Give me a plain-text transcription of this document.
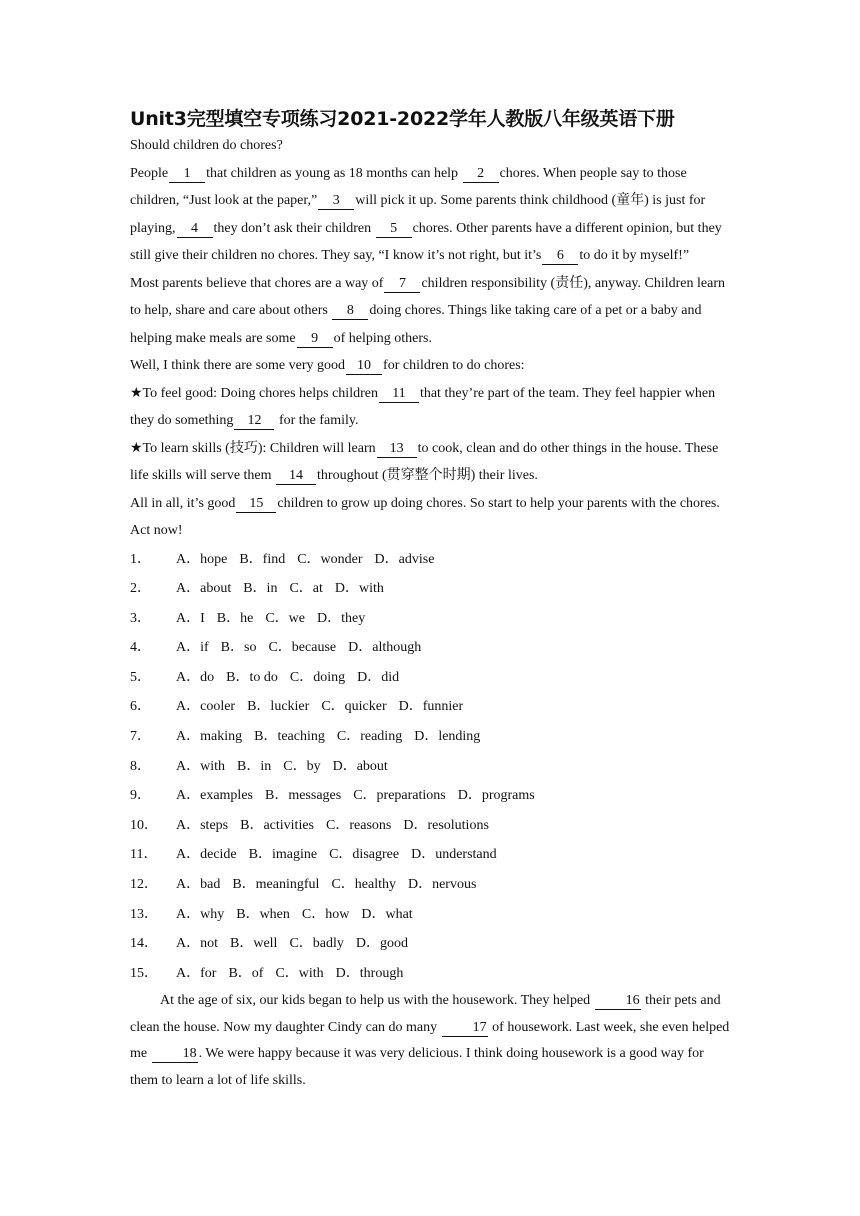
Unit3完型填空专项练习2021-2022学年人教版八年级英语下册

Should children do chores?

People 1 that children as young as 18 months can help 2 chores. When people say to those children, “Just look at the paper,” 3 will pick it up. Some parents think childhood (童年) is just for playing, 4 they don’t ask their children 5 chores. Other parents have a different opinion, but they still give their children no chores. They say, “I know it’s not right, but it’s 6 to do it by myself!”

Most parents believe that chores are a way of 7 children responsibility (责任), anyway. Children learn to help, share and care about others 8 doing chores. Things like taking care of a pet or a baby and helping make meals are some 9 of helping others.

Well, I think there are some very good 10 for children to do chores:

★To feel good: Doing chores helps children 11 that they’re part of the team. They feel happier when they do something 12 for the family.

★To learn skills (技巧): Children will learn 13 to cook, clean and do other things in the house. These life skills will serve them 14 throughout (贯穿整个时期) their lives.

All in all, it’s good 15 children to grow up doing chores. So start to help your parents with the chores. Act now!

1． A．hope B．find C．wonder D．advise
2． A．about B．in C．at D．with
3． A．I B．he C．we D．they
4． A．if B．so C．because D．although
5． A．do B．to do C．doing D．did
6． A．cooler B．luckier C．quicker D．funnier
7． A．making B．teaching C．reading D．lending
8． A．with B．in C．by D．about
9． A．examples B．messages C．preparations D．programs
10． A．steps B．activities C．reasons D．resolutions
11． A．decide B．imagine C．disagree D．understand
12． A．bad B．meaningful C．healthy D．nervous
13． A．why B．when C．how D．what
14． A．not B．well C．badly D．good
15． A．for B．of C．with D．through

At the age of six, our kids began to help us with the housework. They helped 16 their pets and clean the house. Now my daughter Cindy can do many 17 of housework. Last week, she even helped me 18 . We were happy because it was very delicious. I think doing housework is a good way for them to learn a lot of life skills.
